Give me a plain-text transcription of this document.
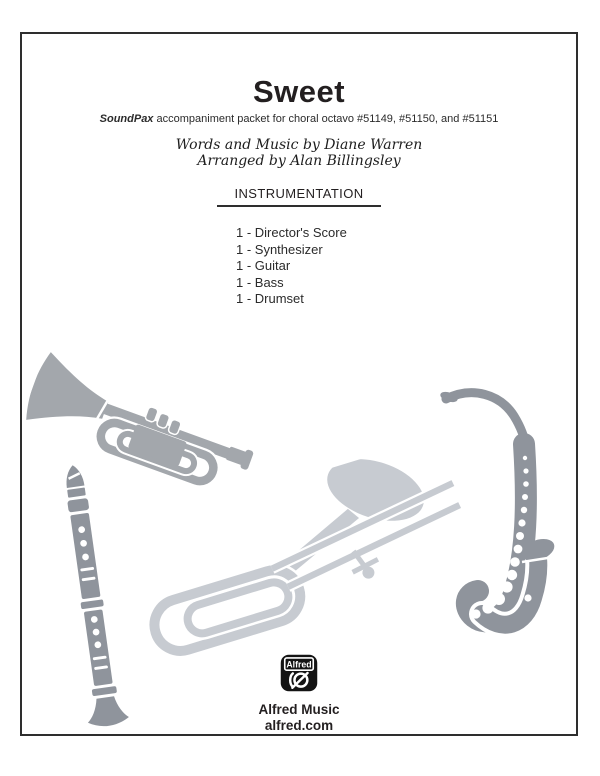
Sweet

SoundPax accompaniment packet for choral octavo #51149, #51150, and #51151

Words and Music by Diane Warren
Arranged by Alan Billingsley
INSTRUMENTATION
1 - Director's Score
1 - Synthesizer
1 - Guitar
1 - Bass
1 - Drumset
Alfred
Alfred Music
alfred.com
